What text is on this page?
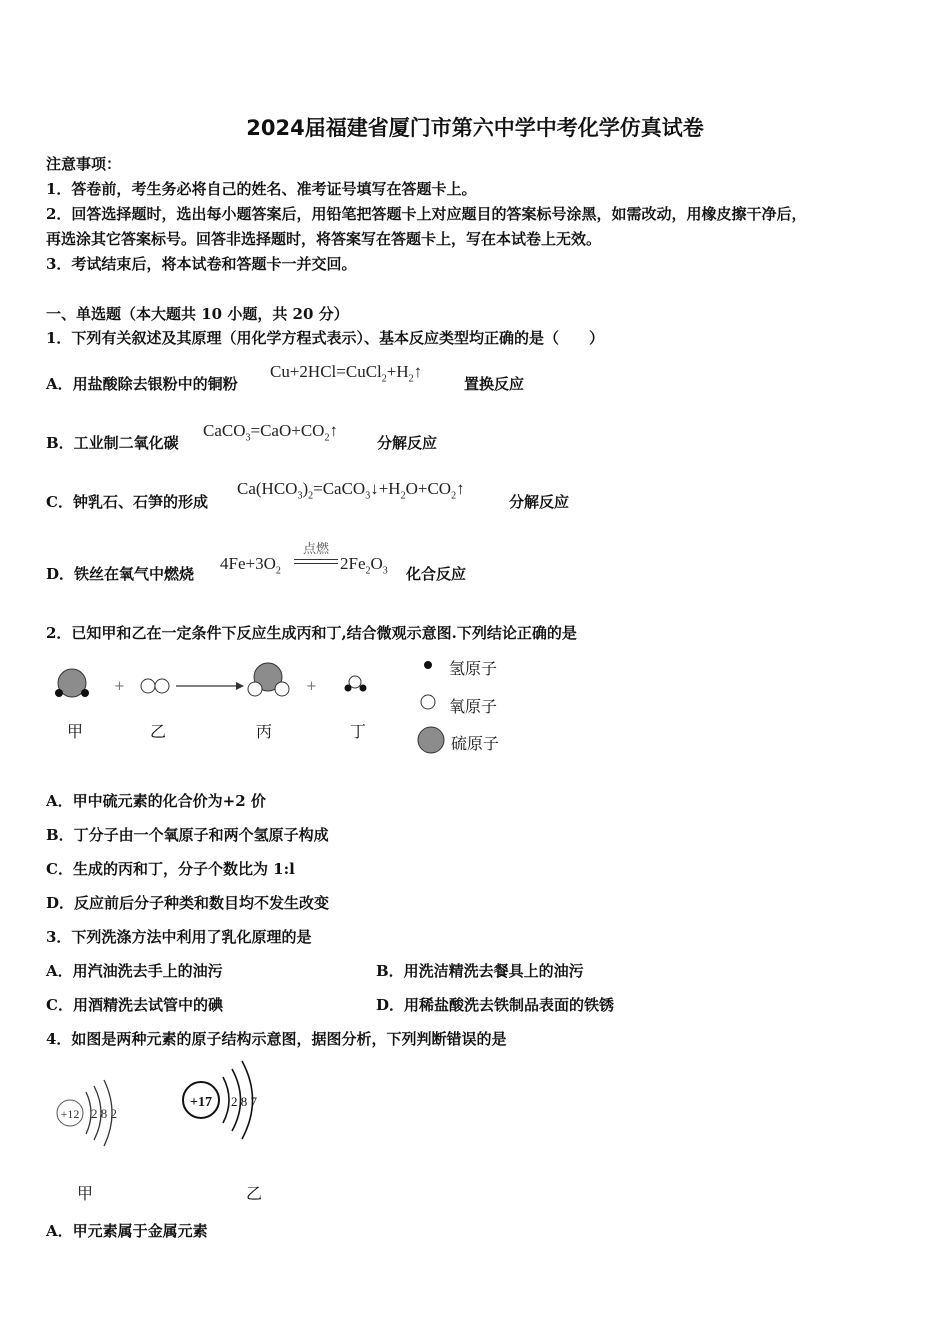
2024届福建省厦门市第六中学中考化学仿真试卷
注意事项：
1．答卷前，考生务必将自己的姓名、准考证号填写在答题卡上。
2．回答选择题时，选出每小题答案后，用铅笔把答题卡上对应题目的答案标号涂黑，如需改动，用橡皮擦干净后，
再选涂其它答案标号。回答非选择题时，将答案写在答题卡上，写在本试卷上无效。
3．考试结束后，将本试卷和答题卡一并交回。
一、单选题（本大题共 10 小题，共 20 分）
1．下列有关叙述及其原理（用化学方程式表示）、基本反应类型均正确的是（　　）
A．用盐酸除去银粉中的铜粉
$Cu+2HCl=CuCl_2+H_2↑$
置换反应
B．工业制二氧化碳
$CaCO_3=CaO+CO_2↑$
分解反应
C．钟乳石、石笋的形成
$Ca(HCO_3)_2=CaCO_3↓+H_2O+CO_2↑$
分解反应
D．铁丝在氧气中燃烧
$4Fe+3O_2$
点燃
$2Fe_2O_3$ 化合反应
2．已知甲和乙在一定条件下反应生成丙和丁,结合微观示意图.下列结论正确的是
+	+
甲	乙	丙	丁
氢原子
氧原子
硫原子
A．甲中硫元素的化合价为+2 价
B．丁分子由一个氧原子和两个氢原子构成
C．生成的丙和丁，分子个数比为 1:l
D．反应前后分子种类和数目均不发生改变
3．下列洗涤方法中利用了乳化原理的是
A．用汽油洗去手上的油污	B．用洗洁精洗去餐具上的油污
C．用酒精洗去试管中的碘	D．用稀盐酸洗去铁制品表面的铁锈
4．如图是两种元素的原子结构示意图，据图分析，下列判断错误的是
+12 2 8 2
+17 2 8 7
甲	乙
A．甲元素属于金属元素
